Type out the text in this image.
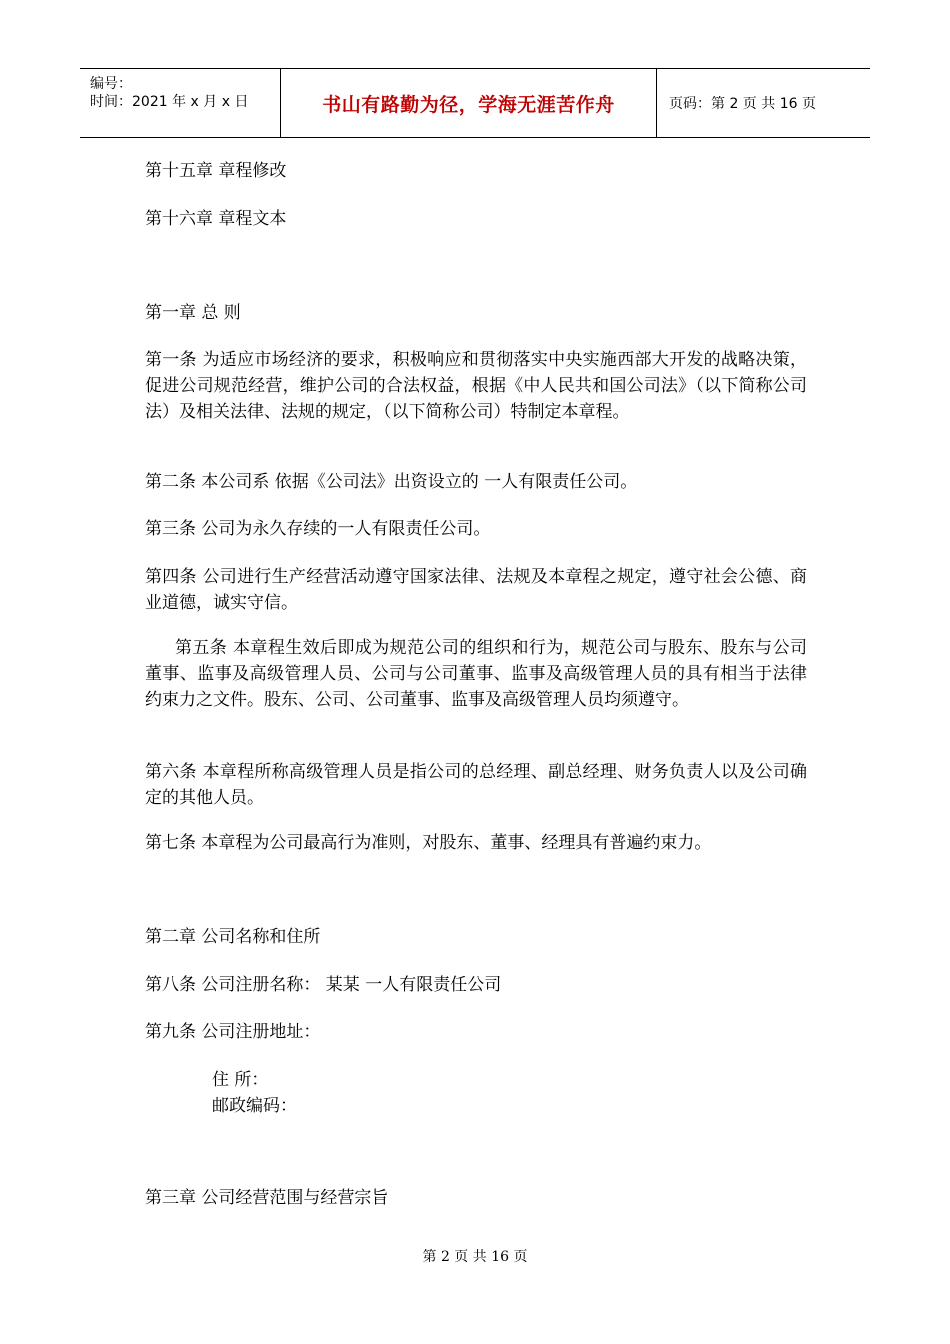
编号：
时间：2021 年 x 月 x 日	书山有路勤为径，学海无涯苦作舟	页码：第 2 页 共 16 页
第十五章 章程修改
第十六章 章程文本
第一章 总 则
第一条 为适应市场经济的要求，积极响应和贯彻落实中央实施西部大开发的战略决策，促进公司规范经营，维护公司的合法权益，根据《中人民共和国公司法》（以下简称公司法）及相关法律、法规的规定，（以下简称公司）特制定本章程。
第二条 本公司系 依据《公司法》出资设立的 一人有限责任公司。
第三条 公司为永久存续的一人有限责任公司。
第四条 公司进行生产经营活动遵守国家法律、法规及本章程之规定，遵守社会公德、商业道德，诚实守信。
第五条 本章程生效后即成为规范公司的组织和行为，规范公司与股东、股东与公司董事、监事及高级管理人员、公司与公司董事、监事及高级管理人员的具有相当于法律约束力之文件。股东、公司、公司董事、监事及高级管理人员均须遵守。
第六条 本章程所称高级管理人员是指公司的总经理、副总经理、财务负责人以及公司确定的其他人员。
第七条 本章程为公司最高行为准则，对股东、董事、经理具有普遍约束力。
第二章 公司名称和住所
第八条 公司注册名称： 某某 一人有限责任公司
第九条 公司注册地址：
住 所：
邮政编码：
第三章 公司经营范围与经营宗旨
第 2 页 共 16 页
